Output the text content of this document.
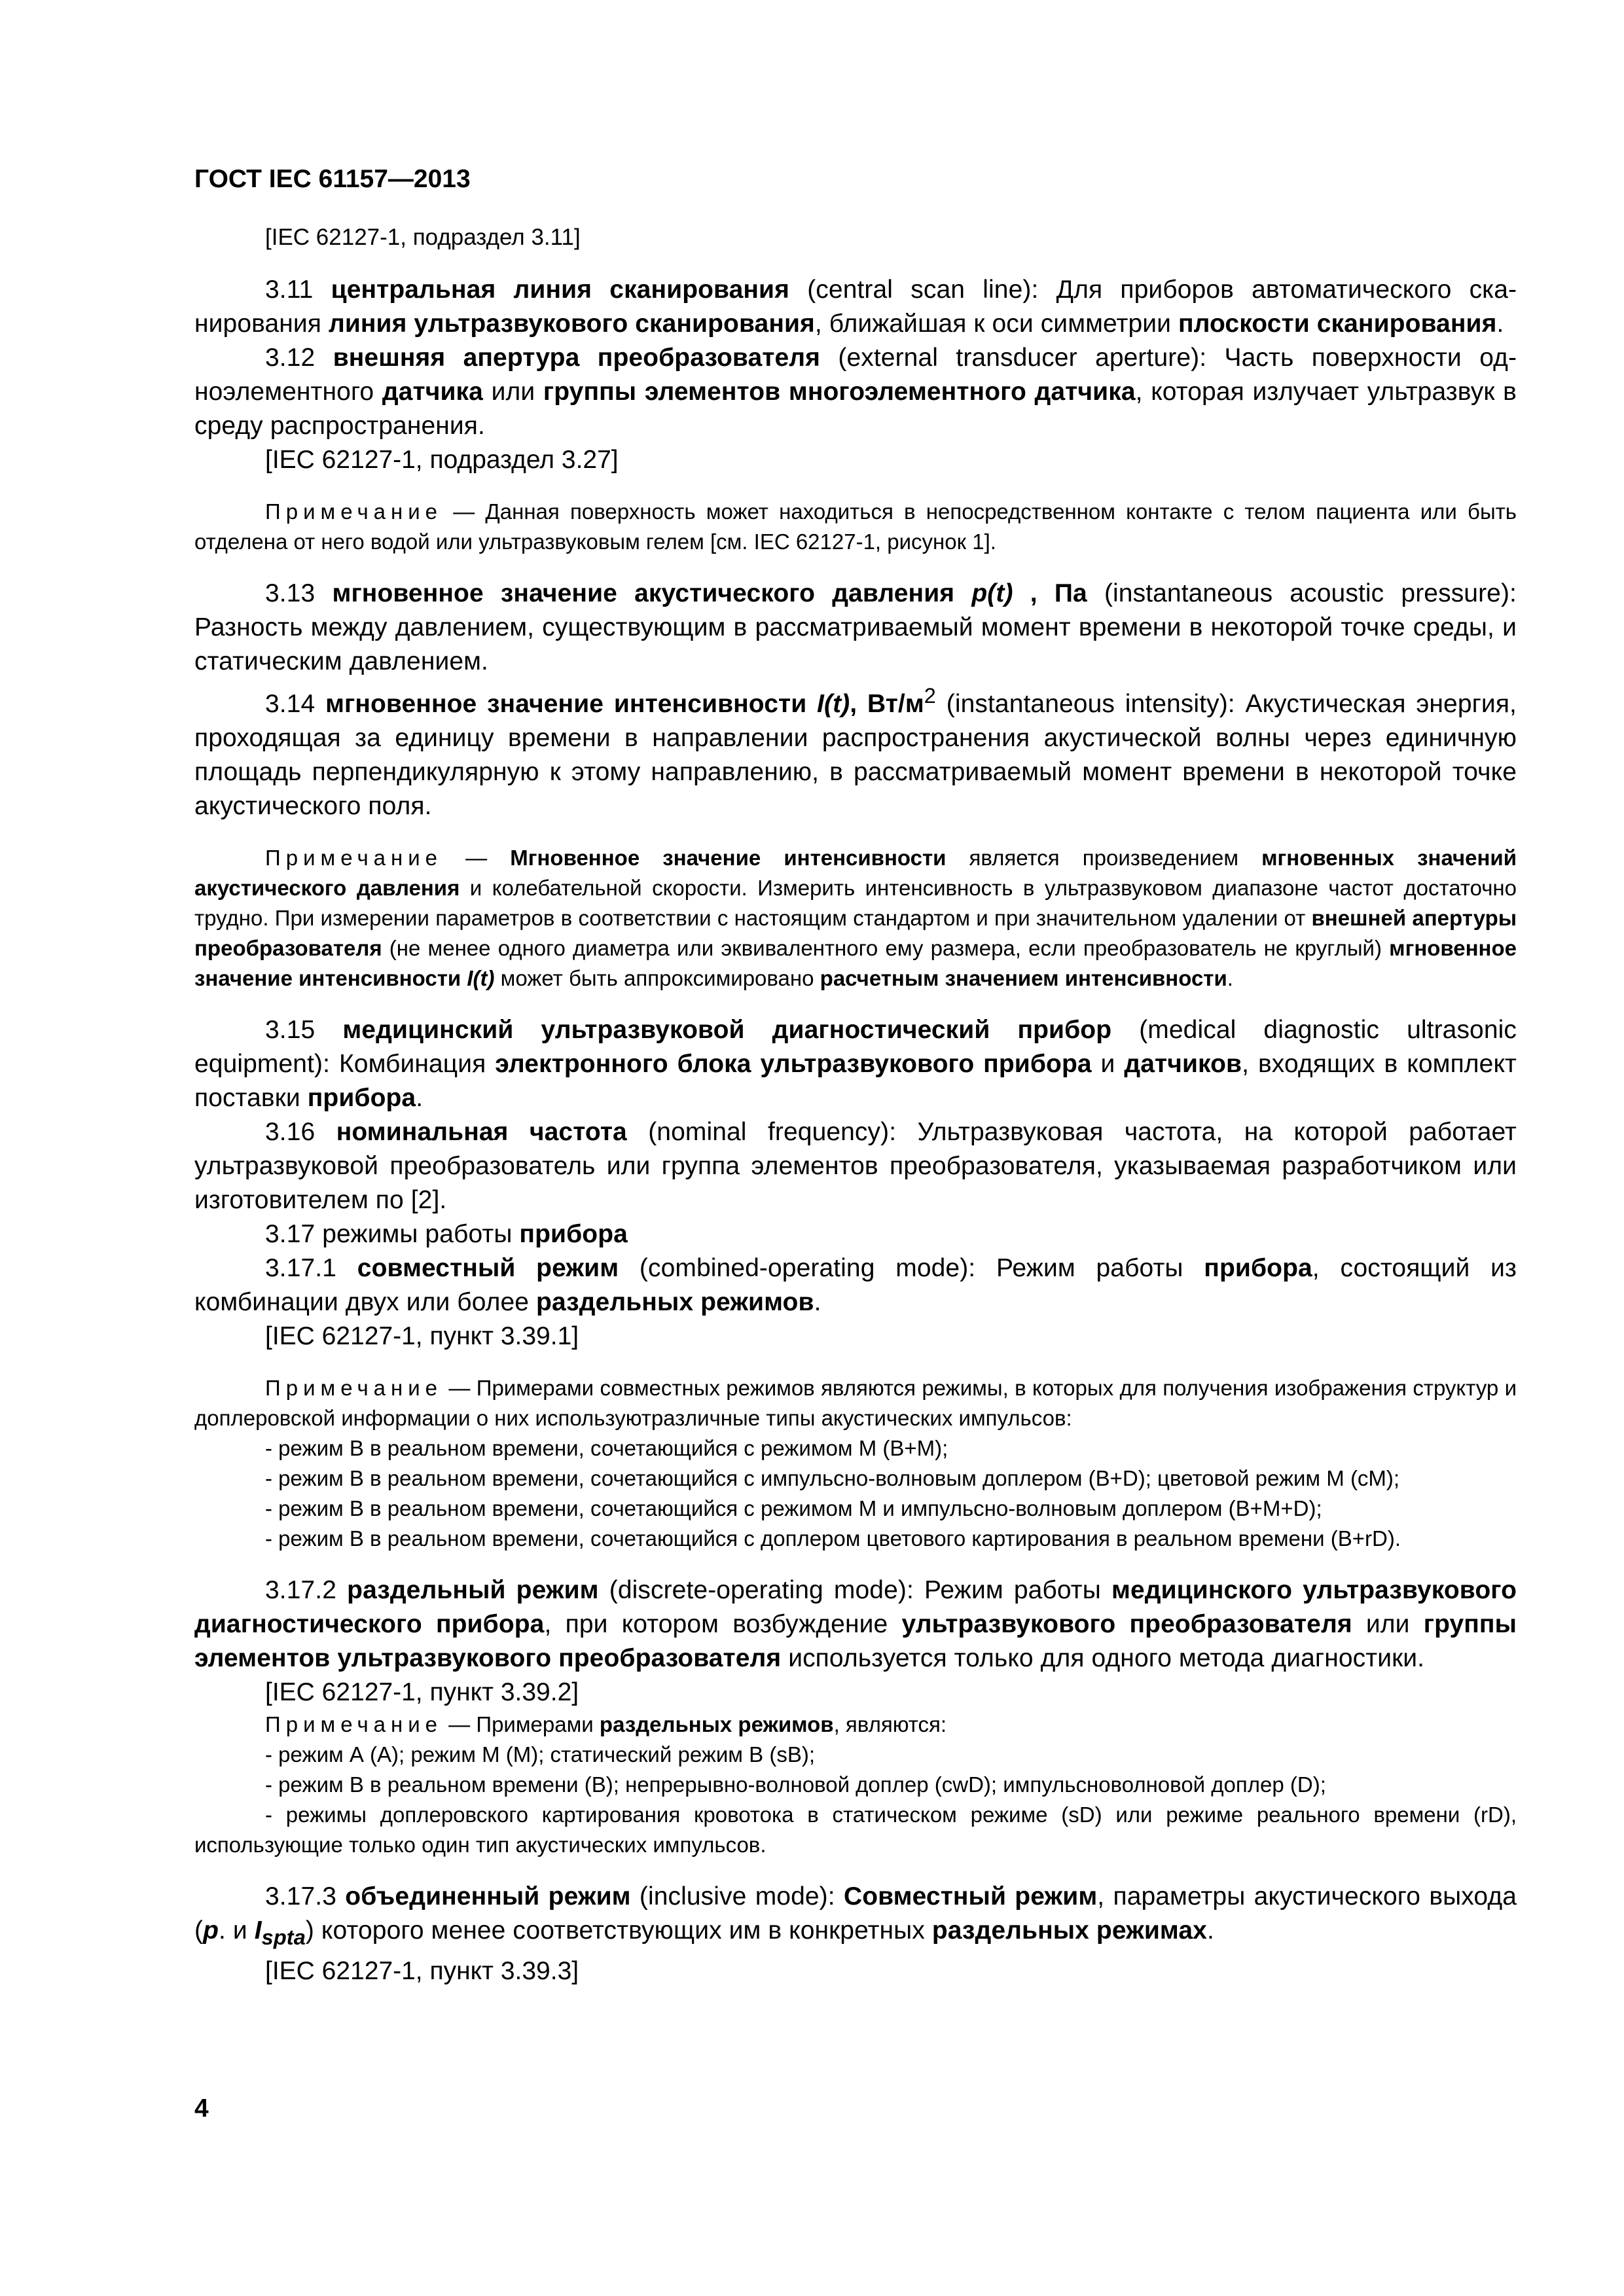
ГОСТ IEC 61157—2013

[IEC 62127-1, подраздел 3.11]

3.11 центральная линия сканирования (central scan line): Для приборов автоматического сканирования линия ультразвукового сканирования, ближайшая к оси симметрии плоскости сканирования.

3.12 внешняя апертура преобразователя (external transducer aperture): Часть поверхности одноэлементного датчика или группы элементов многоэлементного датчика, которая излучает ультразвук в среду распространения.

[IEC 62127-1, подраздел 3.27]

Примечание — Данная поверхность может находиться в непосредственном контакте с телом пациента или быть отделена от него водой или ультразвуковым гелем [см. IEC 62127-1, рисунок 1].

3.13 мгновенное значение акустического давления p(t) , Па (instantaneous acoustic pressure): Разность между давлением, существующим в рассматриваемый момент времени в некоторой точке среды, и статическим давлением.

3.14 мгновенное значение интенсивности I(t), $Вт/м^2$ (instantaneous intensity): Акустическая энергия, проходящая за единицу времени в направлении распространения акустической волны через единичную площадь перпендикулярную к этому направлению, в рассматриваемый момент времени в некоторой точке акустического поля.

Примечание — Мгновенное значение интенсивности является произведением мгновенных значений акустического давления и колебательной скорости. Измерить интенсивность в ультразвуковом диапазоне частот достаточно трудно. При измерении параметров в соответствии с настоящим стандартом и при значительном удалении от внешней апертуры преобразователя (не менее одного диаметра или эквивалентного ему размера, если преобразователь не круглый) мгновенное значение интенсивности I(t) может быть аппроксимировано расчетным значением интенсивности.

3.15 медицинский ультразвуковой диагностический прибор (medical diagnostic ultrasonic equipment): Комбинация электронного блока ультразвукового прибора и датчиков, входящих в комплект поставки прибора.

3.16 номинальная частота (nominal frequency): Ультразвуковая частота, на которой работает ультразвуковой преобразователь или группа элементов преобразователя, указываемая разработчиком или изготовителем по [2].

3.17 режимы работы прибора

3.17.1 совместный режим (combined-operating mode): Режим работы прибора, состоящий из комбинации двух или более раздельных режимов.

[IEC 62127-1, пункт 3.39.1]

Примечание — Примерами совместных режимов являются режимы, в которых для получения изображения структур и доплеровской информации о них используютразличные типы акустических импульсов:

- режим В в реальном времени, сочетающийся с режимом М (В+М);

- режим В в реальном времени, сочетающийся с импульсно-волновым доплером (В+D); цветовой режим М (cM);

- режим В в реальном времени, сочетающийся с режимом М и импульсно-волновым доплером (В+М+D);

- режим В в реальном времени, сочетающийся с доплером цветового картирования в реальном времени (В+rD).

3.17.2 раздельный режим (discrete-operating mode): Режим работы медицинского ультразвукового диагностического прибора, при котором возбуждение ультразвукового преобразователя или группы элементов ультразвукового преобразователя используется только для одного метода диагностики.

[IEC 62127-1, пункт 3.39.2]

Примечание — Примерами раздельных режимов, являются:

- режим А (А); режим М (М); статический режим В (sB);

- режим В в реальном времени (В); непрерывно-волновой доплер (cwD); импульсноволновой доплер (D);

- режимы доплеровского картирования кровотока в статическом режиме (sD) или режиме реального времени (rD), использующие только один тип акустических импульсов.

3.17.3 объединенный режим (inclusive mode): Совместный режим, параметры акустического выхода (p. и $I_{spta}$) которого менее соответствующих им в конкретных раздельных режимах.

[IEC 62127-1, пункт 3.39.3]

4
